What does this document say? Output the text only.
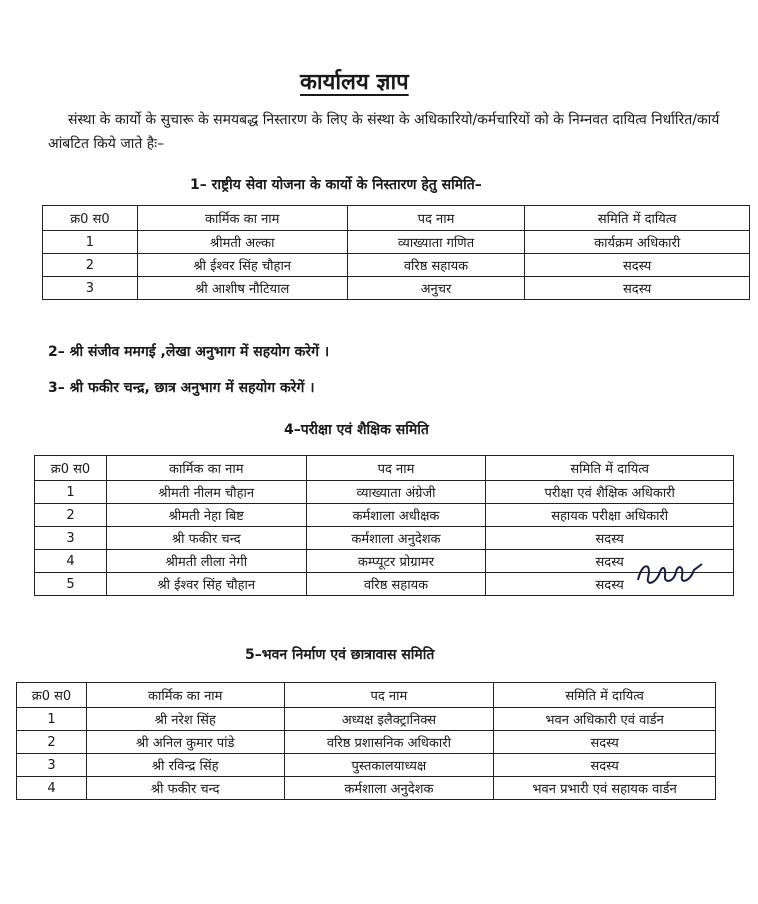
कार्यालय ज्ञाप
संस्था के कार्यो के सुचारू के समयबद्ध निस्तारण के लिए के संस्था के अधिकारियो/कर्मचारियों को के निम्नवत दायित्व निर्धारित/कार्य आंबटित किये जाते हैः–
1– राष्ट्रीय सेवा योजना के कार्यो के निस्तारण हेतु समिति–
क्र0 स0	कार्मिक का नाम	पद नाम	समिति में दायित्व
1	श्रीमती अल्का	व्याख्याता गणित	कार्यक्रम अधिकारी
2	श्री ईश्वर सिंह चौहान	वरिष्ठ सहायक	सदस्य
3	श्री आशीष नौटियाल	अनुचर	सदस्य
2– श्री संजीव ममगई ,लेखा अनुभाग में सहयोग करेगें ।
3– श्री फकीर चन्द्र, छात्र अनुभाग में सहयोग करेगें ।
4–परीक्षा एवं शैक्षिक समिति
क्र0 स0	कार्मिक का नाम	पद नाम	समिति में दायित्व
1	श्रीमती नीलम चौहान	व्याख्याता अंग्रेजी	परीक्षा एवं शैक्षिक अधिकारी
2	श्रीमती नेहा बिष्ट	कर्मशाला अधीक्षक	सहायक परीक्षा अधिकारी
3	श्री फकीर चन्द	कर्मशाला अनुदेशक	सदस्य
4	श्रीमती लीला नेगी	कम्प्यूटर प्रोग्रामर	सदस्य
5	श्री ईश्वर सिंह चौहान	वरिष्ठ सहायक	सदस्य
5–भवन निर्माण एवं छात्रावास समिति
क्र0 स0	कार्मिक का नाम	पद नाम	समिति में दायित्व
1	श्री नरेश सिंह	अध्यक्ष इलैक्ट्रानिक्स	भवन अधिकारी एवं वार्डन
2	श्री अनिल कुमार पांडे	वरिष्ठ प्रशासनिक अधिकारी	सदस्य
3	श्री रविन्द्र सिंह	पुस्तकालयाध्यक्ष	सदस्य
4	श्री फकीर चन्द	कर्मशाला अनुदेशक	भवन प्रभारी एवं सहायक वार्डन
